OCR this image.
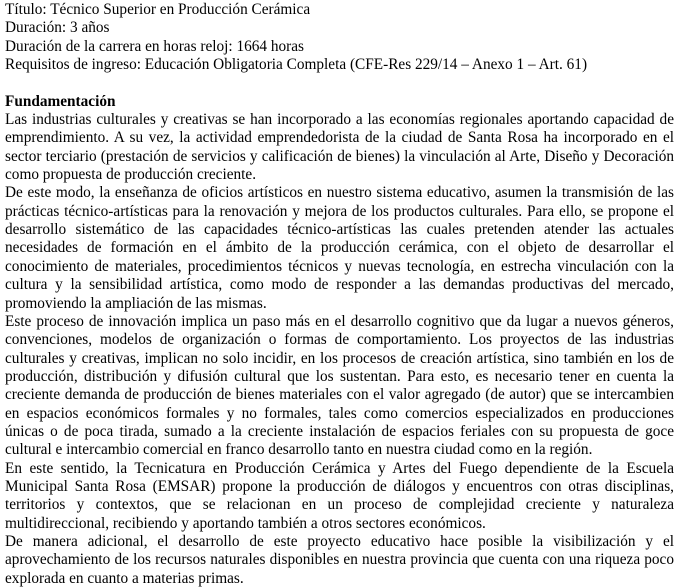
Título: Técnico Superior en Producción Cerámica
Duración: 3 años
Duración de la carrera en horas reloj: 1664 horas
Requisitos de ingreso: Educación Obligatoria Completa (CFE-Res 229/14 – Anexo 1 – Art. 61)
Fundamentación

Las industrias culturales y creativas se han incorporado a las economías regionales aportando capacidad de emprendimiento. A su vez, la actividad emprendedorista de la ciudad de Santa Rosa ha incorporado en el sector terciario (prestación de servicios y calificación de bienes) la vinculación al Arte, Diseño y Decoración como propuesta de producción creciente.

De este modo, la enseñanza de oficios artísticos en nuestro sistema educativo, asumen la transmisión de las prácticas técnico-artísticas para la renovación y mejora de los productos culturales. Para ello, se propone el desarrollo sistemático de las capacidades técnico-artísticas las cuales pretenden atender las actuales necesidades de formación en el ámbito de la producción cerámica, con el objeto de desarrollar el conocimiento de materiales, procedimientos técnicos y nuevas tecnología, en estrecha vinculación con la cultura y la sensibilidad artística, como modo de responder a las demandas productivas del mercado, promoviendo la ampliación de las mismas.

Este proceso de innovación implica un paso más en el desarrollo cognitivo que da lugar a nuevos géneros, convenciones, modelos de organización o formas de comportamiento. Los proyectos de las industrias culturales y creativas, implican no solo incidir, en los procesos de creación artística, sino también en los de producción, distribución y difusión cultural que los sustentan. Para esto, es necesario tener en cuenta la creciente demanda de producción de bienes materiales con el valor agregado (de autor) que se intercambien en espacios económicos formales y no formales, tales como comercios especializados en producciones únicas o de poca tirada, sumado a la creciente instalación de espacios feriales con su propuesta de goce cultural e intercambio comercial en franco desarrollo tanto en nuestra ciudad como en la región.

En este sentido, la Tecnicatura en Producción Cerámica y Artes del Fuego dependiente de la Escuela Municipal Santa Rosa (EMSAR) propone la producción de diálogos y encuentros con otras disciplinas, territorios y contextos, que se relacionan en un proceso de complejidad creciente y naturaleza multidireccional, recibiendo y aportando también a otros sectores económicos.

De manera adicional, el desarrollo de este proyecto educativo hace posible la visibilización y el aprovechamiento de los recursos naturales disponibles en nuestra provincia que cuenta con una riqueza poco explorada en cuanto a materias primas.
